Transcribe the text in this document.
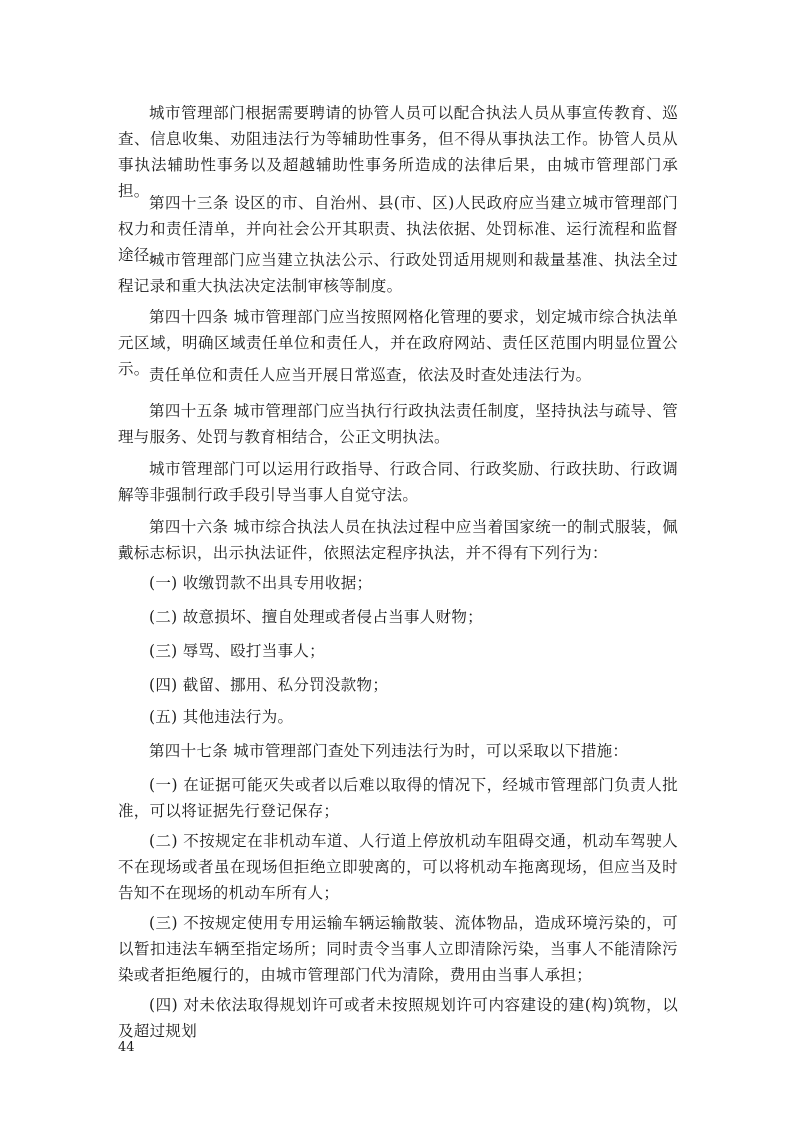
城市管理部门根据需要聘请的协管人员可以配合执法人员从事宣传教育、巡查、信息收集、劝阻违法行为等辅助性事务，但不得从事执法工作。协管人员从事执法辅助性事务以及超越辅助性事务所造成的法律后果，由城市管理部门承担。

第四十三条 设区的市、自治州、县(市、区)人民政府应当建立城市管理部门权力和责任清单，并向社会公开其职责、执法依据、处罚标准、运行流程和监督途径。

城市管理部门应当建立执法公示、行政处罚适用规则和裁量基准、执法全过程记录和重大执法决定法制审核等制度。

第四十四条 城市管理部门应当按照网格化管理的要求，划定城市综合执法单元区域，明确区域责任单位和责任人，并在政府网站、责任区范围内明显位置公示。 责任单位和责任人应当开展日常巡查，依法及时查处违法行为。

第四十五条 城市管理部门应当执行行政执法责任制度，坚持执法与疏导、管理与服务、处罚与教育相结合，公正文明执法。

城市管理部门可以运用行政指导、行政合同、行政奖励、行政扶助、行政调解等非强制行政手段引导当事人自觉守法。

第四十六条 城市综合执法人员在执法过程中应当着国家统一的制式服装，佩戴标志标识，出示执法证件，依照法定程序执法，并不得有下列行为：

(一) 收缴罚款不出具专用收据；

(二) 故意损坏、擅自处理或者侵占当事人财物；

(三) 辱骂、殴打当事人；

(四) 截留、挪用、私分罚没款物；

(五) 其他违法行为。

第四十七条 城市管理部门查处下列违法行为时，可以采取以下措施：

(一) 在证据可能灭失或者以后难以取得的情况下，经城市管理部门负责人批准，可以将证据先行登记保存；

(二) 不按规定在非机动车道、人行道上停放机动车阻碍交通，机动车驾驶人不在现场或者虽在现场但拒绝立即驶离的，可以将机动车拖离现场，但应当及时告知不在现场的机动车所有人；

(三) 不按规定使用专用运输车辆运输散装、流体物品，造成环境污染的，可以暂扣违法车辆至指定场所；同时责令当事人立即清除污染，当事人不能清除污染或者拒绝履行的，由城市管理部门代为清除，费用由当事人承担；

(四) 对未依法取得规划许可或者未按照规划许可内容建设的建(构)筑物，以及超过规划

44
